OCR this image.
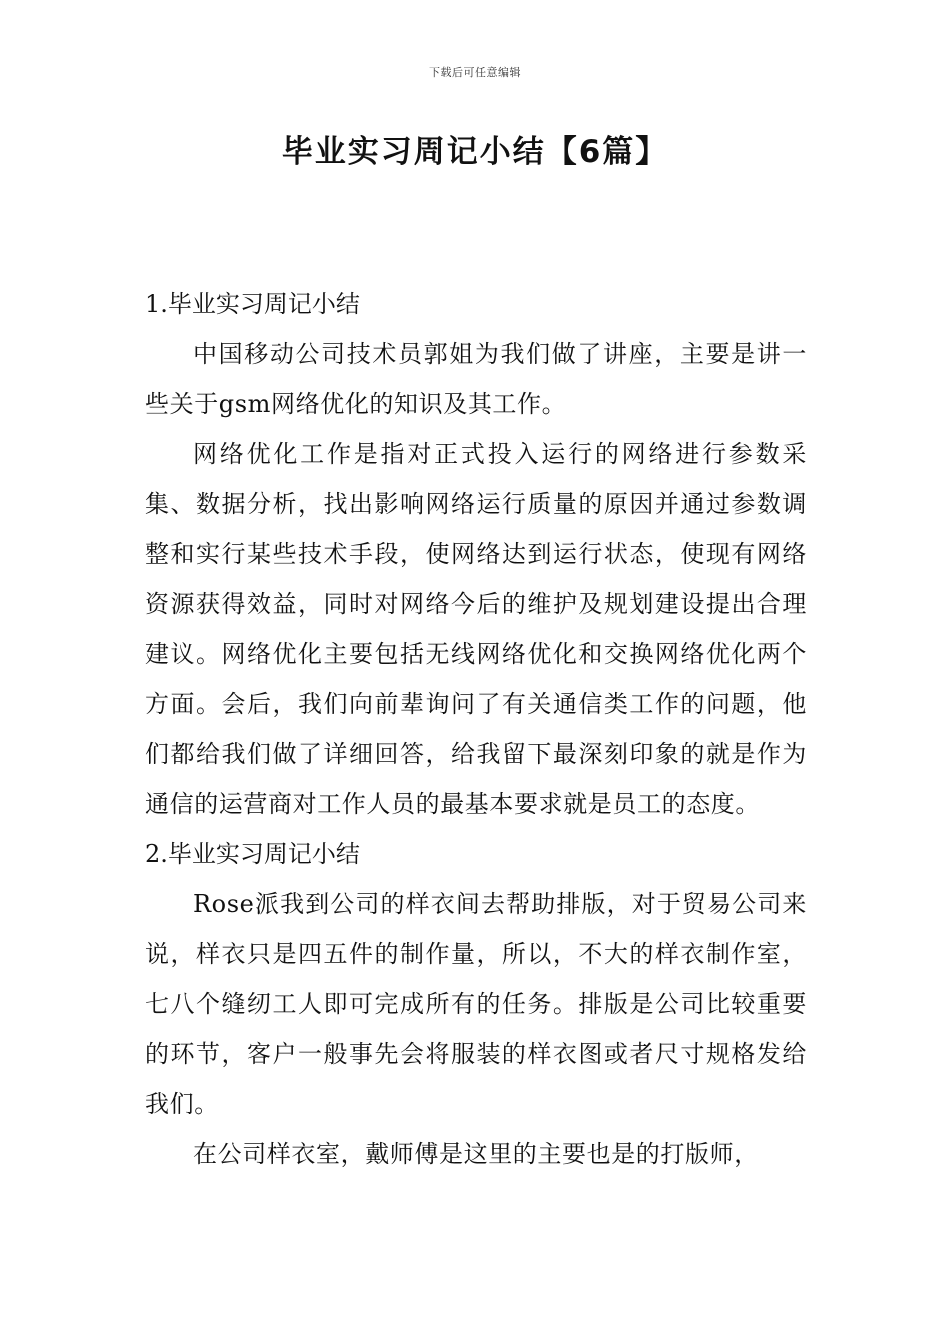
下载后可任意编辑
毕业实习周记小结【6篇】
1.毕业实习周记小结

中国移动公司技术员郭姐为我们做了讲座，主要是讲一些关于gsm网络优化的知识及其工作。

网络优化工作是指对正式投入运行的网络进行参数采集、数据分析，找出影响网络运行质量的原因并通过参数调整和实行某些技术手段，使网络达到运行状态，使现有网络资源获得效益，同时对网络今后的维护及规划建设提出合理建议。网络优化主要包括无线网络优化和交换网络优化两个方面。会后，我们向前辈询问了有关通信类工作的问题，他们都给我们做了详细回答，给我留下最深刻印象的就是作为通信的运营商对工作人员的最基本要求就是员工的态度。

2.毕业实习周记小结

Rose派我到公司的样衣间去帮助排版，对于贸易公司来说，样衣只是四五件的制作量，所以，不大的样衣制作室，七八个缝纫工人即可完成所有的任务。排版是公司比较重要的环节，客户一般事先会将服装的样衣图或者尺寸规格发给我们。

在公司样衣室，戴师傅是这里的主要也是的打版师，
